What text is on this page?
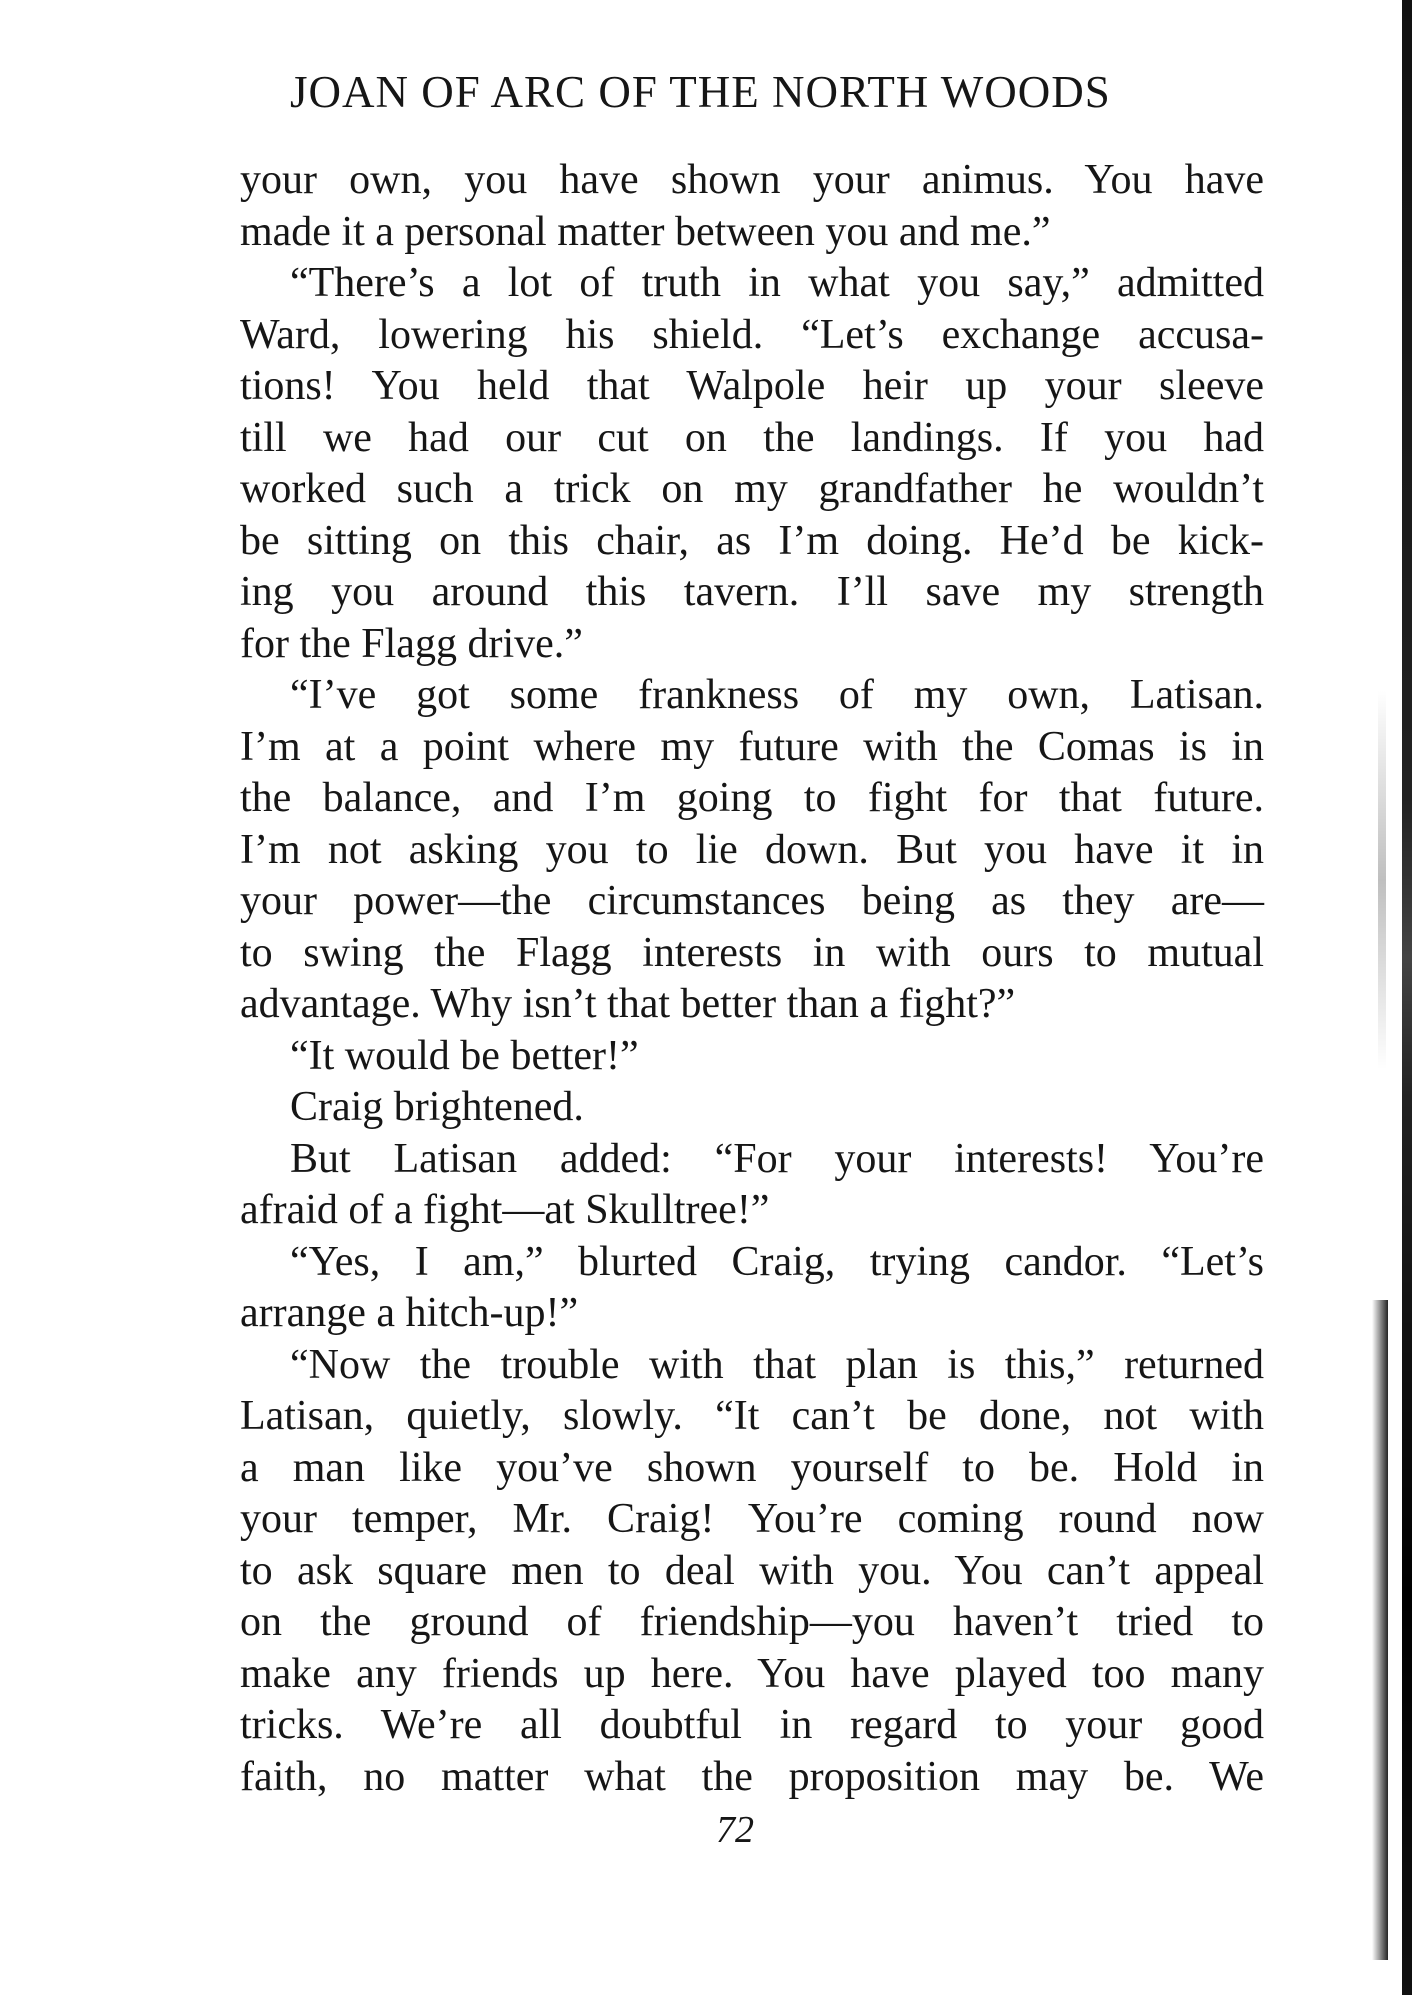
JOAN OF ARC OF THE NORTH WOODS
your own, you have shown your animus. You have
made it a personal matter between you and me.”
“There’s a lot of truth in what you say,” admitted
Ward, lowering his shield. “Let’s exchange accusa-
tions! You held that Walpole heir up your sleeve
till we had our cut on the landings. If you had
worked such a trick on my grandfather he wouldn’t
be sitting on this chair, as I’m doing. He’d be kick-
ing you around this tavern. I’ll save my strength
for the Flagg drive.”
“I’ve got some frankness of my own, Latisan.
I’m at a point where my future with the Comas is in
the balance, and I’m going to fight for that future.
I’m not asking you to lie down. But you have it in
your power—the circumstances being as they are—
to swing the Flagg interests in with ours to mutual
advantage. Why isn’t that better than a fight?”
“It would be better!”
Craig brightened.
But Latisan added: “For your interests! You’re
afraid of a fight—at Skulltree!”
“Yes, I am,” blurted Craig, trying candor. “Let’s
arrange a hitch-up!”
“Now the trouble with that plan is this,” returned
Latisan, quietly, slowly. “It can’t be done, not with
a man like you’ve shown yourself to be. Hold in
your temper, Mr. Craig! You’re coming round now
to ask square men to deal with you. You can’t appeal
on the ground of friendship—you haven’t tried to
make any friends up here. You have played too many
tricks. We’re all doubtful in regard to your good
faith, no matter what the proposition may be. We
72
